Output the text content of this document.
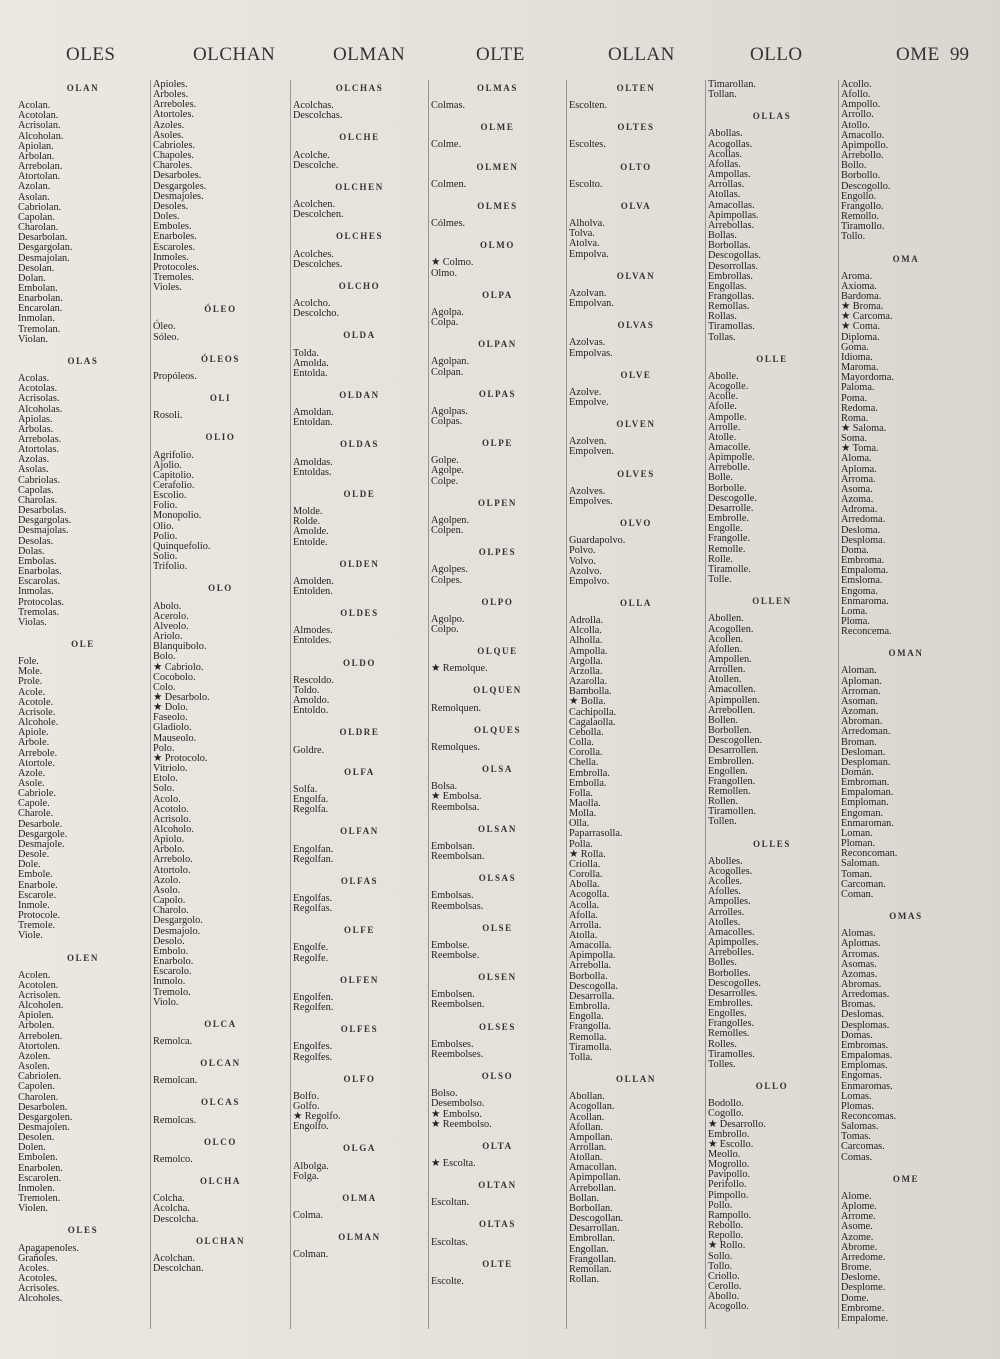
OLES	OLCHAN	OLMAN	OLTE	OLLAN	OLLO	OME 99
OLAN
Acolan.
Acotolan.
Acrisolan.
Alcoholan.
Apiolan.
Arbolan.
Arrebolan.
Atortolan.
Azolan.
Asolan.
Cabriolan.
Capolan.
Charolan.
Desarbolan.
Desgargolan.
Desmajolan.
Desolan.
Dolan.
Embolan.
Enarbolan.
Encarolan.
Inmolan.
Tremolan.
Violan.
OLAS
Acolas.
Acotolas.
Acrisolas.
Alcoholas.
Apiolas.
Arbolas.
Arrebolas.
Atortolas.
Azolas.
Asolas.
Cabriolas.
Capolas.
Charolas.
Desarbolas.
Desgargolas.
Desmajolas.
Desolas.
Dolas.
Embolas.
Enarbolas.
Escarolas.
Inmolas.
Protocolas.
Tremolas.
Violas.
OLE
Fole.
Mole.
Prole.
Acole.
Acotole.
Acrisole.
Alcohole.
Apiole.
Arbole.
Arrebole.
Atortole.
Azole.
Asole.
Cabriole.
Capole.
Charole.
Desarbole.
Desgargole.
Desmajole.
Desole.
Dole.
Embole.
Enarbole.
Escarole.
Inmole.
Protocole.
Tremole.
Viole.
OLEN
Acolen.
Acotolen.
Acrisolen.
Alcoholen.
Apiolen.
Arbolen.
Arrebolen.
Atortolen.
Azolen.
Asolen.
Cabriolen.
Capolen.
Charolen.
Desarbolen.
Desgargolen.
Desmajolen.
Desolen.
Dolen.
Embolen.
Enarbolen.
Escarolen.
Inmolen.
Tremolen.
Violen.
OLES
Apagapenoles.
Grañoles.
Acoles.
Acotoles.
Acrisoles.
Alcoholes.
Apioles.
Arboles.
Arreboles.
Atortoles.
Azoles.
Asoles.
Cabrioles.
Chapoles.
Charoles.
Desarboles.
Desgargoles.
Desmajoles.
Desoles.
Doles.
Emboles.
Enarboles.
Escaroles.
Inmoles.
Protocoles.
Tremoles.
Violes.
ÓLEO
Óleo.
Sóleo.
ÓLEOS
Propóleos.
OLI
Rosoli.
OLIO
Agrifolio.
Ajolio.
Capitolio.
Cerafolio.
Escolio.
Folio.
Monopolio.
Olio.
Polio.
Quinquefolio.
Solio.
Trifolio.
OLO
Abolo.
Acerolo.
Alveolo.
Ariolo.
Blanquibolo.
Bolo.
★ Cabriolo.
Cocobolo.
Colo.
★ Desarbolo.
★ Dolo.
Faseolo.
Gladiolo.
Mauseolo.
Polo.
★ Protocolo.
Vitriolo.
Etolo.
Solo.
Acolo.
Acotolo.
Acrisolo.
Alcoholo.
Apiolo.
Arbolo.
Arrebolo.
Atortolo.
Azolo.
Asolo.
Capolo.
Charolo.
Desgargolo.
Desmajolo.
Desolo.
Embolo.
Enarbolo.
Escarolo.
Inmolo.
Tremolo.
Violo.
OLCA
Remolca.
OLCAN
Remolcan.
OLCAS
Remolcas.
OLCO
Remolco.
OLCHA
Colcha.
Acolcha.
Descolcha.
OLCHAN
Acolchan.
Descolchan.
OLCHAS
Acolchas.
Descolchas.
OLCHE
Acolche.
Descolche.
OLCHEN
Acolchen.
Descolchen.
OLCHES
Acolches.
Descolches.
OLCHO
Acolcho.
Descolcho.
OLDA
Tolda.
Amolda.
Entolda.
OLDAN
Amoldan.
Entoldan.
OLDAS
Amoldas.
Entoldas.
OLDE
Molde.
Rolde.
Amolde.
Entolde.
OLDEN
Amolden.
Entolden.
OLDES
Almodes.
Entoldes.
OLDO
Rescoldo.
Toldo.
Amoldo.
Entoldo.
OLDRE
Goldre.
OLFA
Solfa.
Engolfa.
Regolfa.
OLFAN
Engolfan.
Regolfan.
OLFAS
Engolfas.
Regolfas.
OLFE
Engolfe.
Regolfe.
OLFEN
Engolfen.
Regolfen.
OLFES
Engolfes.
Regolfes.
OLFO
Bolfo.
Golfo.
★ Regolfo.
Engolfo.
OLGA
Albolga.
Folga.
OLMA
Colma.
OLMAN
Colman.
OLMAS
Colmas.
OLME
Colme.
OLMEN
Colmen.
OLMES
Cólmes.
OLMO
★ Colmo.
Olmo.
OLPA
Agolpa.
Colpa.
OLPAN
Agolpan.
Colpan.
OLPAS
Agolpas.
Colpas.
OLPE
Golpe.
Agolpe.
Colpe.
OLPEN
Agolpen.
Colpen.
OLPES
Agolpes.
Colpes.
OLPO
Agolpo.
Colpo.
OLQUE
★ Remolque.
OLQUEN
Remolquen.
OLQUES
Remolques.
OLSA
Bolsa.
★ Embolsa.
Reembolsa.
OLSAN
Embolsan.
Reembolsan.
OLSAS
Embolsas.
Reembolsas.
OLSE
Embolse.
Reembolse.
OLSEN
Embolsen.
Reembolsen.
OLSES
Embolses.
Reembolses.
OLSO
Bolso.
Desembolso.
★ Embolso.
★ Reembolso.
OLTA
★ Escolta.
OLTAN
Escoltan.
OLTAS
Escoltas.
OLTE
Escolte.
OLTEN
Escolten.
OLTES
Escoltes.
OLTO
Escolto.
OLVA
Alholva.
Tolva.
Atolva.
Empolva.
OLVAN
Azolvan.
Empolvan.
OLVAS
Azolvas.
Empolvas.
OLVE
Azolve.
Empolve.
OLVEN
Azolven.
Empolven.
OLVES
Azolves.
Empolves.
OLVO
Guardapolvo.
Polvo.
Volvo.
Azolvo.
Empolvo.
OLLA
Adrolla.
Alcolla.
Alholla.
Ampolla.
Argolla.
Arzolla.
Azarolla.
Bambolla.
★ Bolla.
Cachipolla.
Cagalaolla.
Cebolla.
Colla.
Corolla.
Chella.
Embrolla.
Embolla.
Folla.
Maolla.
Molla.
Olla.
Paparrasolla.
Polla.
★ Rolla.
Criolla.
Corolla.
Abolla.
Acogolla.
Acolla.
Afolla.
Arrolla.
Atolla.
Amacolla.
Apimpolla.
Arrebolla.
Borbolla.
Descogolla.
Desarrolla.
Embrolla.
Engolla.
Frangolla.
Remolla.
Tiramolla.
Tolla.
OLLAN
Abollan.
Acogollan.
Acollan.
Afollan.
Ampollan.
Arrollan.
Atollan.
Amacollan.
Apimpollan.
Arrebollan.
Bollan.
Borbollan.
Descogollan.
Desarrollan.
Embrollan.
Engollan.
Frangollan.
Remollan.
Rollan.
Timarollan.
Tollan.
OLLAS
Abollas.
Acogollas.
Acollas.
Afollas.
Ampollas.
Arrollas.
Atollas.
Amacollas.
Apimpollas.
Arrebollas.
Bollas.
Borbollas.
Descogollas.
Desorrollas.
Embrollas.
Engollas.
Frangollas.
Remollas.
Rollas.
Tiramollas.
Tollas.
OLLE
Abolle.
Acogolle.
Acolle.
Afolle.
Ampolle.
Arrolle.
Atolle.
Amacolle.
Apimpolle.
Arrebolle.
Bolle.
Borbolle.
Descogolle.
Desarrolle.
Embrolle.
Engolle.
Frangolle.
Remolle.
Rolle.
Tiramolle.
Tolle.
OLLEN
Abollen.
Acogollen.
Acollen.
Afollen.
Ampollen.
Arrollen.
Atollen.
Amacollen.
Apimpollen.
Arrebollen.
Bollen.
Borbollen.
Descogollen.
Desarrollen.
Embrollen.
Engollen.
Frangollen.
Remollen.
Rollen.
Tiramollen.
Tollen.
OLLES
Abolles.
Acogolles.
Acolles.
Afolles.
Ampolles.
Arrolles.
Atolles.
Amacolles.
Apimpolles.
Arrebolles.
Bolles.
Borbolles.
Descogolles.
Desarrolles.
Embrolles.
Engolles.
Frangolles.
Remolles.
Rolles.
Tiramolles.
Tolles.
OLLO
Bodollo.
Cogollo.
★ Desarrollo.
Embrollo.
★ Escollo.
Meollo.
Mogrollo.
Pavipollo.
Perifollo.
Pimpollo.
Pollo.
Rampollo.
Rebollo.
Repollo.
★ Rollo.
Sollo.
Tollo.
Criollo.
Cerollo.
Abollo.
Acogollo.
Acollo.
Afollo.
Ampollo.
Arrollo.
Atollo.
Amacollo.
Apimpollo.
Arrebollo.
Bollo.
Borbollo.
Descogollo.
Engollo.
Frangollo.
Remollo.
Tiramollo.
Tollo.
OMA
Aroma.
Axioma.
Bardoma.
★ Broma.
★ Carcoma.
★ Coma.
Diploma.
Goma.
Idioma.
Maroma.
Mayordoma.
Paloma.
Poma.
Redoma.
Roma.
★ Saloma.
Soma.
★ Toma.
Aloma.
Aploma.
Arroma.
Asoma.
Azoma.
Adroma.
Arredoma.
Desloma.
Desploma.
Doma.
Embroma.
Empaloma.
Emsloma.
Engoma.
Enmaroma.
Loma.
Ploma.
Reconcema.
OMAN
Aloman.
Aploman.
Arroman.
Asoman.
Azoman.
Abroman.
Arredoman.
Broman.
Desloman.
Desploman.
Domán.
Embroman.
Empaloman.
Emploman.
Engoman.
Enmaroman.
Loman.
Ploman.
Reconcoman.
Saloman.
Toman.
Carcoman.
Coman.
OMAS
Alomas.
Aplomas.
Arromas.
Asomas.
Azomas.
Abromas.
Arredomas.
Bromas.
Deslomas.
Desplomas.
Domas.
Embromas.
Empalomas.
Emplomas.
Engomas.
Enmaromas.
Lomas.
Plomas.
Reconcomas.
Salomas.
Tomas.
Carcomas.
Comas.
OME
Alome.
Aplome.
Arrome.
Asome.
Azome.
Abrome.
Arredome.
Brome.
Deslome.
Desplome.
Dome.
Embrome.
Empalome.
